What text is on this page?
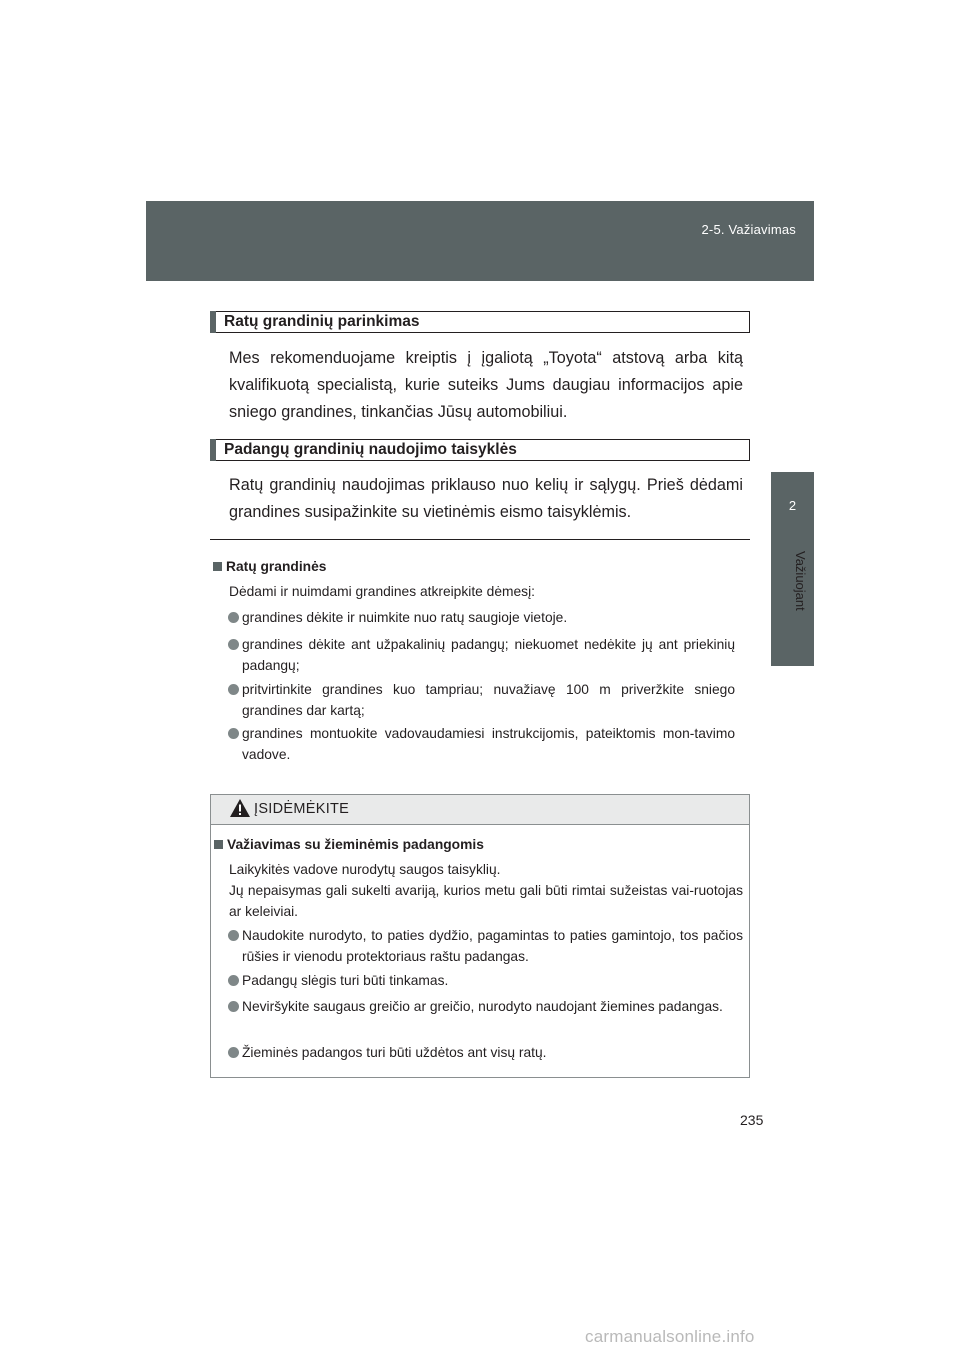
2-5. Važiavimas
2
Važiuojant
Ratų grandinių parinkimas
Mes rekomenduojame kreiptis į įgaliotą „Toyota“ atstovą arba kitą kvalifikuotą specialistą, kurie suteiks Jums daugiau informacijos apie sniego grandines, tinkančias Jūsų automobiliui.
Padangų grandinių naudojimo taisyklės
Ratų grandinių naudojimas priklauso nuo kelių ir sąlygų. Prieš dėdami grandines susipažinkite su vietinėmis eismo taisyklėmis.
Ratų grandinės
Dėdami ir nuimdami grandines atkreipkite dėmesį:
grandines dėkite ir nuimkite nuo ratų saugioje vietoje.
grandines dėkite ant užpakalinių padangų; niekuomet nedėkite jų ant priekinių padangų;
pritvirtinkite grandines kuo tampriau; nuvažiavę 100 m priveržkite sniego grandines dar kartą;
grandines montuokite vadovaudamiesi instrukcijomis, pateiktomis mon-tavimo vadove.
ĮSIDĖMĖKITE
Važiavimas su žieminėmis padangomis
Laikykitės vadove nurodytų saugos taisyklių.
Jų nepaisymas gali sukelti avariją, kurios metu gali būti rimtai sužeistas vai-ruotojas ar keleiviai.
Naudokite nurodyto, to paties dydžio, pagamintas to paties gamintojo, tos pačios rūšies ir vienodu protektoriaus raštu padangas.
Padangų slėgis turi būti tinkamas.
Neviršykite saugaus greičio ar greičio, nurodyto naudojant žiemines padangas.
Žieminės padangos turi būti uždėtos ant visų ratų.
235
carmanualsonline.info
